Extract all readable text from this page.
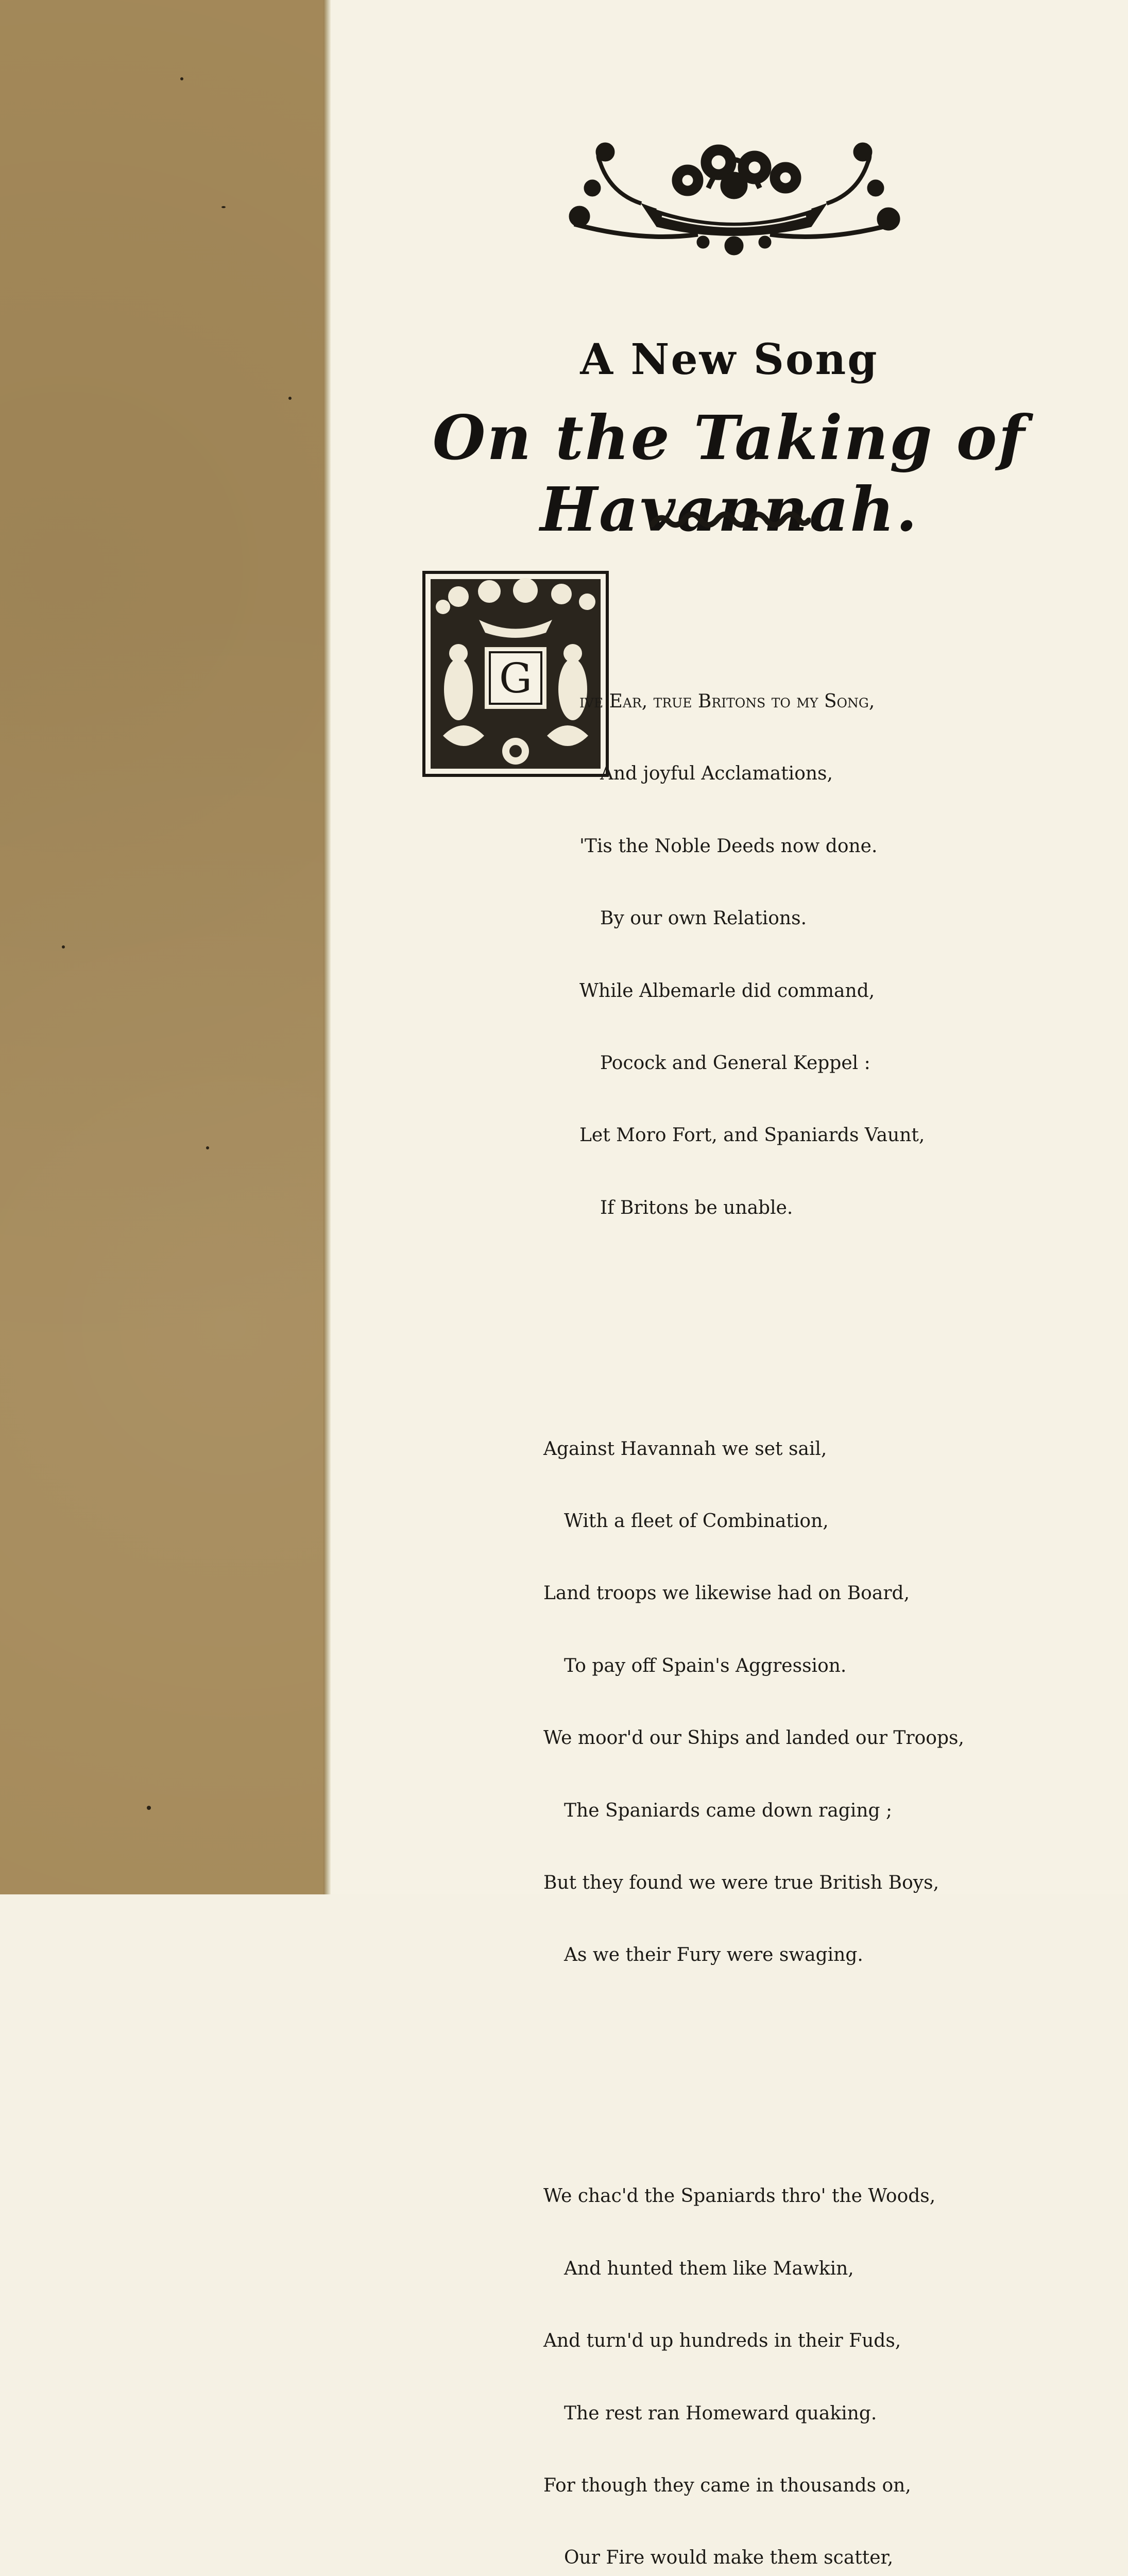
A New Song
On the Taking of Havannah.
G

	ive Ear, true Britons to my Song,

And joyful Acclamations,

'Tis the Noble Deeds now done.

By our own Relations.

While Albemarle did command,

Pocock and General Keppel :

Let Moro Fort, and Spaniards Vaunt,

If Britons be unable.

Against Havannah we set sail,

With a fleet of Combination,

Land troops we likewise had on Board,

To pay off Spain's Aggression.

We moor'd our Ships and landed our Troops,

The Spaniards came down raging ;

But they found we were true British Boys,

As we their Fury were swaging.

We chac'd the Spaniards thro' the Woods,

And hunted them like Mawkin,

And turn'd up hundreds in their Fuds,

The rest ran Homeward quaking.

For though they came in thousands on,

Our Fire would make them scatter,
